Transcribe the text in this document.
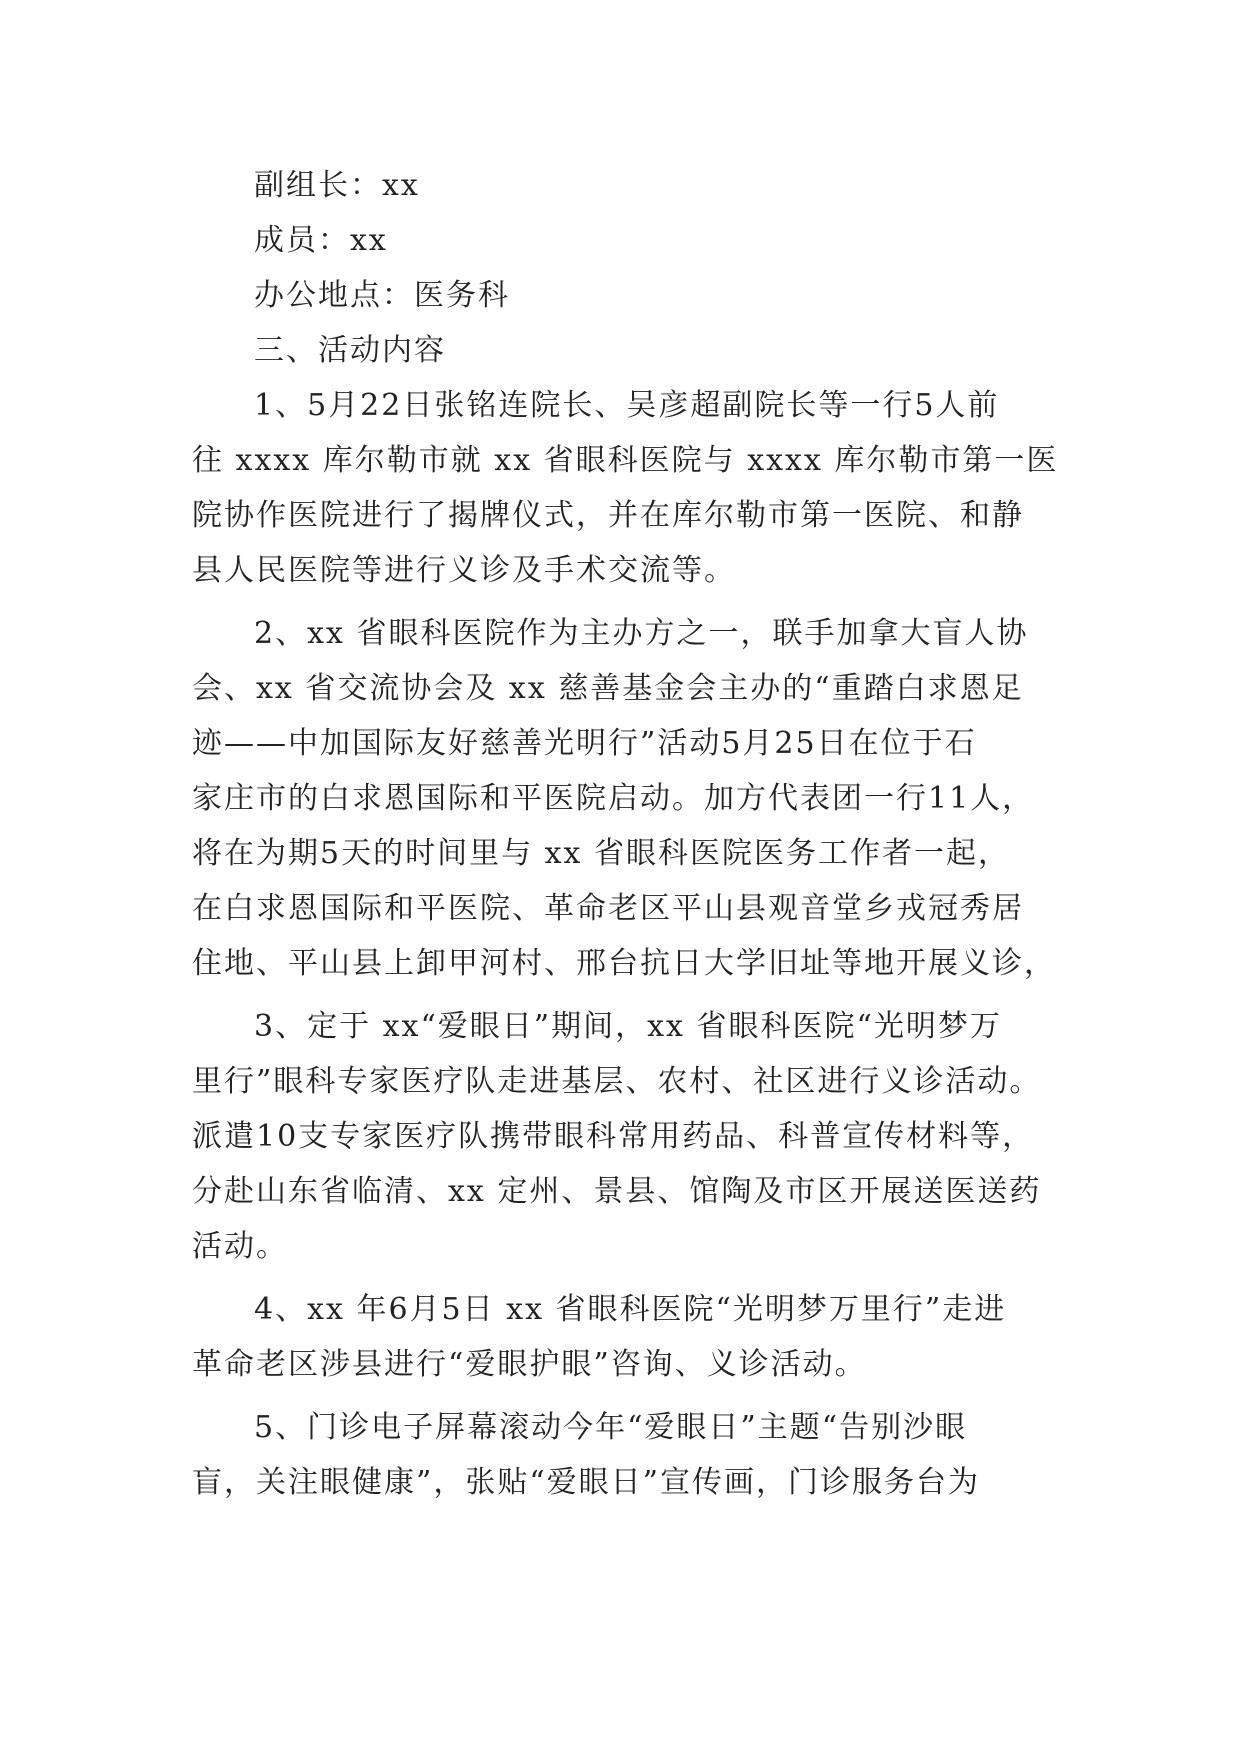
副组长：xx
成员：xx
办公地点：医务科
三、活动内容
1、5月22日张铭连院长、吴彦超副院长等一行5人前
往 xxxx 库尔勒市就 xx 省眼科医院与 xxxx 库尔勒市第一医
院协作医院进行了揭牌仪式，并在库尔勒市第一医院、和静
县人民医院等进行义诊及手术交流等。
2、xx 省眼科医院作为主办方之一，联手加拿大盲人协
会、xx 省交流协会及 xx 慈善基金会主办的“重踏白求恩足
迹——中加国际友好慈善光明行”活动5月25日在位于石
家庄市的白求恩国际和平医院启动。加方代表团一行11人，
将在为期5天的时间里与 xx 省眼科医院医务工作者一起，
在白求恩国际和平医院、革命老区平山县观音堂乡戎冠秀居
住地、平山县上卸甲河村、邢台抗日大学旧址等地开展义诊，
3、定于 xx“爱眼日”期间，xx 省眼科医院“光明梦万
里行”眼科专家医疗队走进基层、农村、社区进行义诊活动。
派遣10支专家医疗队携带眼科常用药品、科普宣传材料等，
分赴山东省临清、xx 定州、景县、馆陶及市区开展送医送药
活动。
4、xx 年6月5日 xx 省眼科医院“光明梦万里行”走进
革命老区涉县进行“爱眼护眼”咨询、义诊活动。
5、门诊电子屏幕滚动今年“爱眼日”主题“告别沙眼
盲，关注眼健康”，张贴“爱眼日”宣传画，门诊服务台为
